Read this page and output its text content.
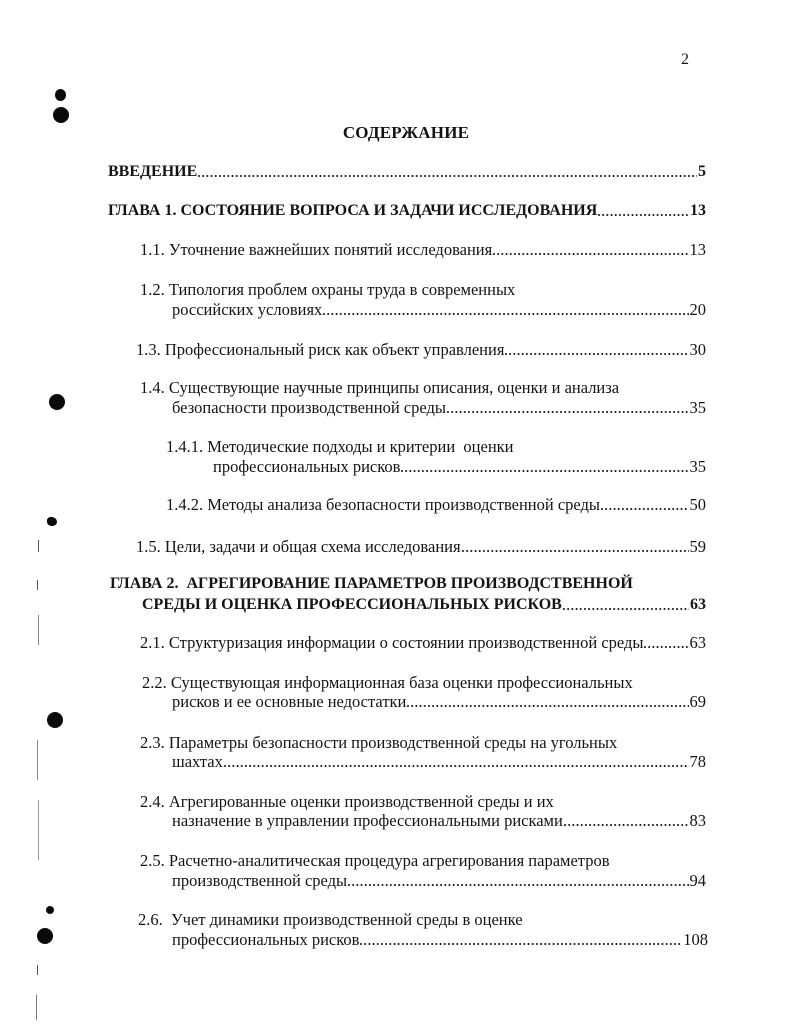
2
СОДЕРЖАНИЕ
ВВЕДЕНИЕ	5
ГЛАВА 1. СОСТОЯНИЕ ВОПРОСА И ЗАДАЧИ ИССЛЕДОВАНИЯ	13
1.1. Уточнение важнейших понятий исследования	13
1.2. Типология проблем охраны труда в современных
российских условиях	20
1.3. Профессиональный риск как объект управления	30
1.4. Существующие научные принципы описания, оценки и анализа
безопасности производственной среды	35
1.4.1. Методические подходы и критерии  оценки
профессиональных рисков	35
1.4.2. Методы анализа безопасности производственной среды	50
1.5. Цели, задачи и общая схема исследования	59
ГЛАВА 2.  АГРЕГИРОВАНИЕ ПАРАМЕТРОВ ПРОИЗВОДСТВЕННОЙ
СРЕДЫ И ОЦЕНКА ПРОФЕССИОНАЛЬНЫХ РИСКОВ	63
2.1. Структуризация информации о состоянии производственной среды	63
2.2. Существующая информационная база оценки профессиональных
рисков и ее основные недостатки	69
2.3. Параметры безопасности производственной среды на угольных
шахтах	78
2.4. Агрегированные оценки производственной среды и их
назначение в управлении профессиональными рисками	83
2.5. Расчетно-аналитическая процедура агрегирования параметров
производственной среды	94
2.6.  Учет динамики производственной среды в оценке
профессиональных рисков	108
